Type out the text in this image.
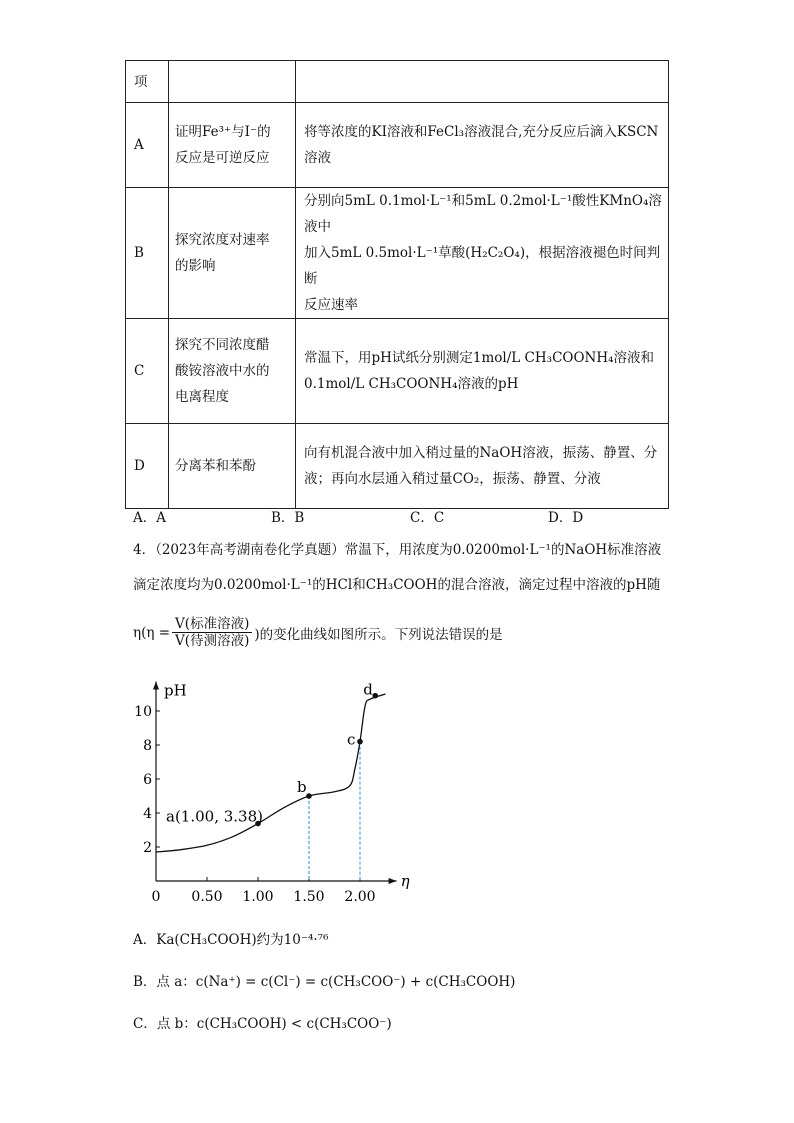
项		
A	证明Fe³⁺与I⁻的
反应是可逆反应	将等浓度的KI溶液和FeCl₃溶液混合,充分反应后滴入KSCN
溶液

B	探究浓度对速率
的影响	分别向5mL 0.1mol·L⁻¹和5mL 0.2mol·L⁻¹酸性KMnO₄溶液中
加入5mL 0.5mol·L⁻¹草酸(H₂C₂O₄)，根据溶液褪色时间判断
反应速率

C	探究不同浓度醋
酸铵溶液中水的
电离程度	常温下，用pH试纸分别测定1mol/L CH₃COONH₄溶液和
0.1mol/L CH₃COONH₄溶液的pH

D	分离苯和苯酚	向有机混合液中加入稍过量的NaOH溶液，振荡、静置、分
液；再向水层通入稍过量CO₂，振荡、静置、分液
A．A	B．B	C．C	D．D
4．（2023年高考湖南卷化学真题）常温下，用浓度为0.0200mol·L⁻¹的NaOH标准溶液
滴定浓度均为0.0200mol·L⁻¹的HCl和CH₃COOH的混合溶液，滴定过程中溶液的pH随
$\eta(\eta = \frac{\text{V(标准溶液)}}{\text{V(待测溶液)}}$ )的变化曲线如图所示。下列说法错误的是
η
pH
0 0.50 1.00 1.50 2.00
2
4
6
8
10
a(1.00, 3.38)
b
c
d
A．Ka(CH₃COOH)约为10⁻⁴·⁷⁶
B．点 a：c(Na⁺) = c(Cl⁻) = c(CH₃COO⁻) + c(CH₃COOH)
C．点 b：c(CH₃COOH) < c(CH₃COO⁻)
